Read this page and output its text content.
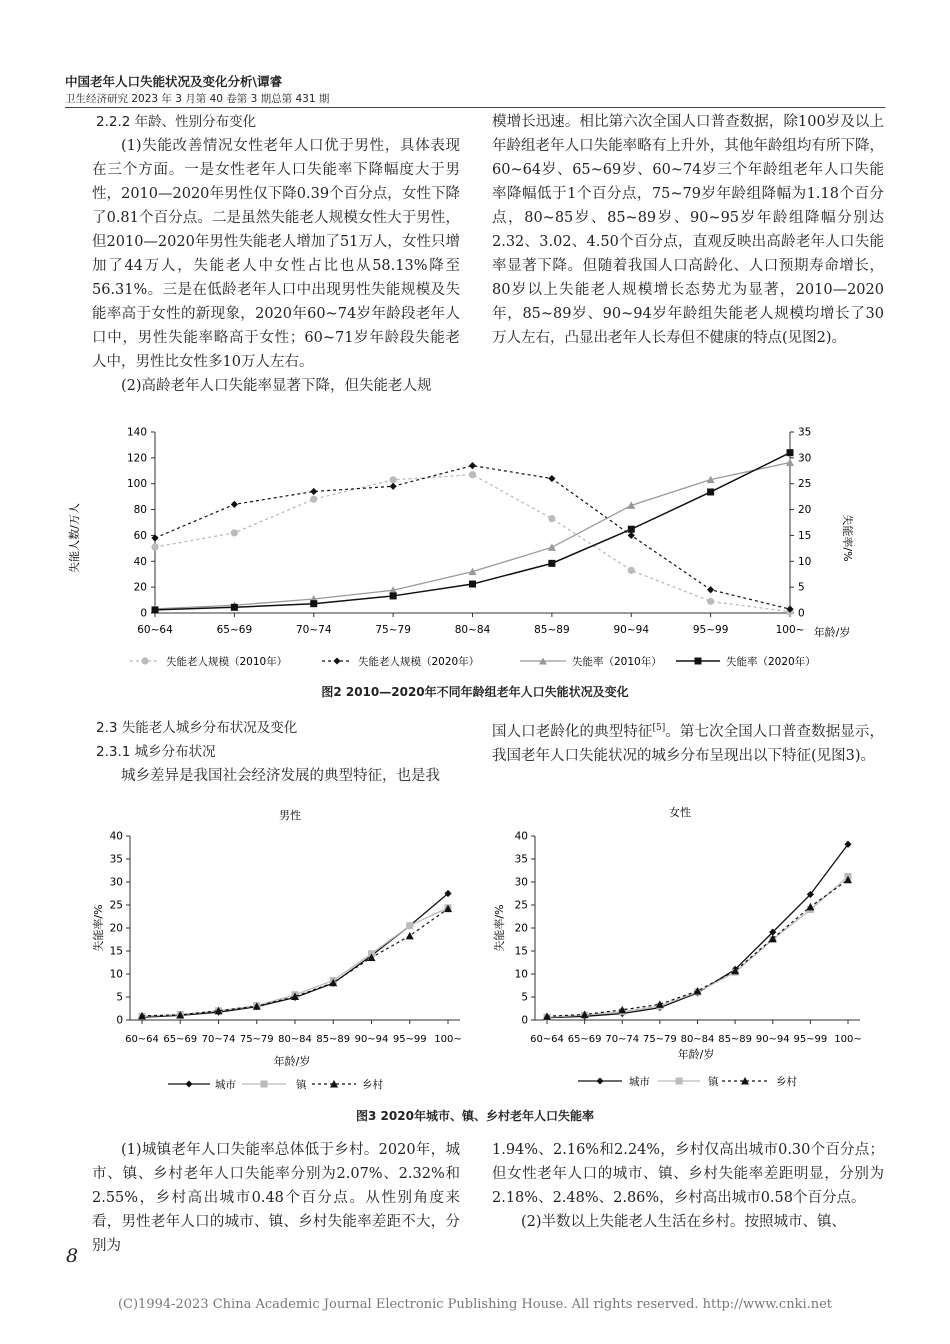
中国老年人口失能状况及变化分析\谭睿
卫生经济研究 2023 年 3 月第 40 卷第 3 期总第 431 期

2.2.2 年龄、性别分布变化

(1)失能改善情况女性老年人口优于男性，具体表现在三个方面。一是女性老年人口失能率下降幅度大于男性，2010—2020年男性仅下降0.39个百分点，女性下降了0.81个百分点。二是虽然失能老人规模女性大于男性，但2010—2020年男性失能老人增加了51万人，女性只增加了44万人，失能老人中女性占比也从58.13%降至56.31%。三是在低龄老年人口中出现男性失能规模及失能率高于女性的新现象，2020年60~74岁年龄段老年人口中，男性失能率略高于女性；60~71岁年龄段失能老人中，男性比女性多10万人左右。

(2)高龄老年人口失能率显著下降，但失能老人规

模增长迅速。相比第六次全国人口普查数据，除100岁及以上年龄组老年人口失能率略有上升外，其他年龄组均有所下降，60~64岁、65~69岁、60~74岁三个年龄组老年人口失能率降幅低于1个百分点，75~79岁年龄组降幅为1.18个百分点，80~85岁、85~89岁、90~95岁年龄组降幅分别达2.32、3.02、4.50个百分点，直观反映出高龄老年人口失能率显著下降。但随着我国人口高龄化、人口预期寿命增长，80岁以上失能老人规模增长态势尤为显著，2010—2020年，85~89岁、90~94岁年龄组失能老人规模均增长了30万人左右，凸显出老年人长寿但不健康的特点(见图2)。

0
20
40
60
80
100
120
140
0
5
10
15
20
25
30
35
60~64	65~69	70~74	75~79	80~84	85~89	90~94	95~99	100~
失能人数/万人	失能率/%
年龄/岁
失能老人规模（2010年）	失能老人规模（2020年）	失能率（2010年）	失能率（2020年）
图2 2010—2020年不同年龄组老年人口失能状况及变化

2.3 失能老人城乡分布状况及变化

2.3.1 城乡分布状况

城乡差异是我国社会经济发展的典型特征，也是我

国人口老龄化的典型特征[5]。第七次全国人口普查数据显示，我国老年人口失能状况的城乡分布呈现出以下特征(见图3)。

0
5
10
15
20
25
30
35
40
60~64 65~69 70~74 75~79 80~84 85~89 90~94 95~99 100~
0
5
10
15
20
25
30
35
40
60~64 65~69 70~74 75~79 80~84 85~89 90~94 95~99 100~
男性	女性
失能率/%	失能率/%
年龄/岁
年龄/岁
城市	镇	乡村	城市	镇	乡村
图3 2020年城市、镇、乡村老年人口失能率

(1)城镇老年人口失能率总体低于乡村。2020年，城市、镇、乡村老年人口失能率分别为2.07%、2.32%和2.55%，乡村高出城市0.48个百分点。从性别角度来看，男性老年人口的城市、镇、乡村失能率差距不大，分别为

1.94%、2.16%和2.24%，乡村仅高出城市0.30个百分点；但女性老年人口的城市、镇、乡村失能率差距明显，分别为2.18%、2.48%、2.86%，乡村高出城市0.58个百分点。

(2)半数以上失能老人生活在乡村。按照城市、镇、

8
(C)1994-2023 China Academic Journal Electronic Publishing House. All rights reserved. http://www.cnki.net
